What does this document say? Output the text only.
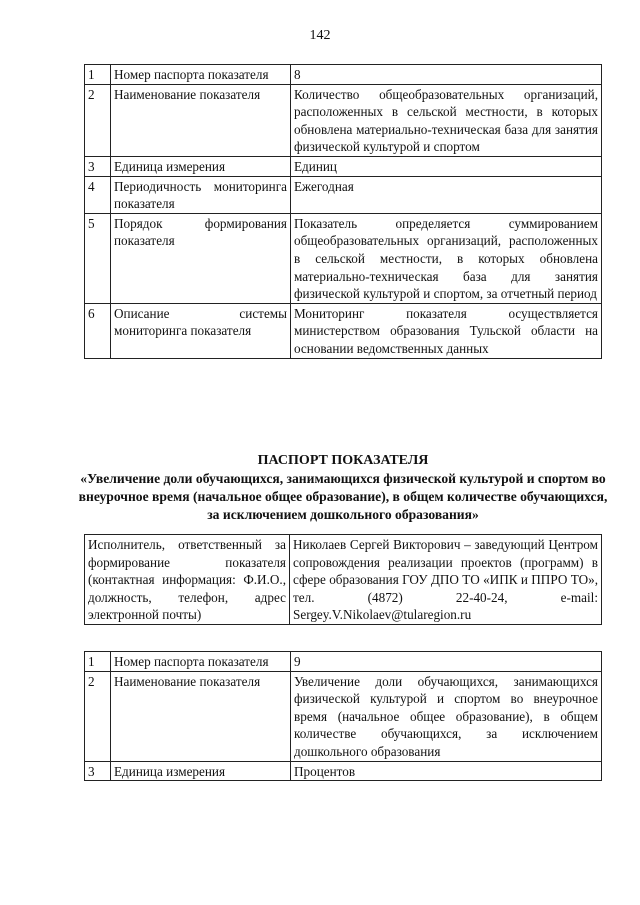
142
1	Номер паспорта показателя	8
2	Наименование показателя	Количество общеобразовательных организаций, расположенных в сельской местности, в которых обновлена материально-техническая база для занятия физической культурой и спортом
3	Единица измерения	Единиц
4	Периодичность мониторинга показателя	Ежегодная
5	Порядок формирования показателя	Показатель определяется суммированием общеобразовательных организаций, расположенных в сельской местности, в которых обновлена материально-техническая база для занятия физической культурой и спортом, за отчетный период
6	Описание системы мониторинга показателя	Мониторинг показателя осуществляется министерством образования Тульской области на основании ведомственных данных
ПАСПОРТ ПОКАЗАТЕЛЯ
«Увеличение доли обучающихся, занимающихся физической культурой и спортом во внеурочное время (начальное общее образование), в общем количестве обучающихся, за исключением дошкольного образования»
Исполнитель, ответственный за формирование показателя (контактная информация: Ф.И.О., должность, телефон, адрес электронной почты)	Николаев Сергей Викторович – заведующий Центром сопровождения реализации проектов (программ) в сфере образования ГОУ ДПО ТО «ИПК и ППРО ТО», тел. (4872) 22-40-24, e-mail: Sergey.V.Nikolaev@tularegion.ru
1	Номер паспорта показателя	9
2	Наименование показателя	Увеличение доли обучающихся, занимающихся физической культурой и спортом во внеурочное время (начальное общее образование), в общем количестве обучающихся, за исключением дошкольного образования
3	Единица измерения	Процентов
